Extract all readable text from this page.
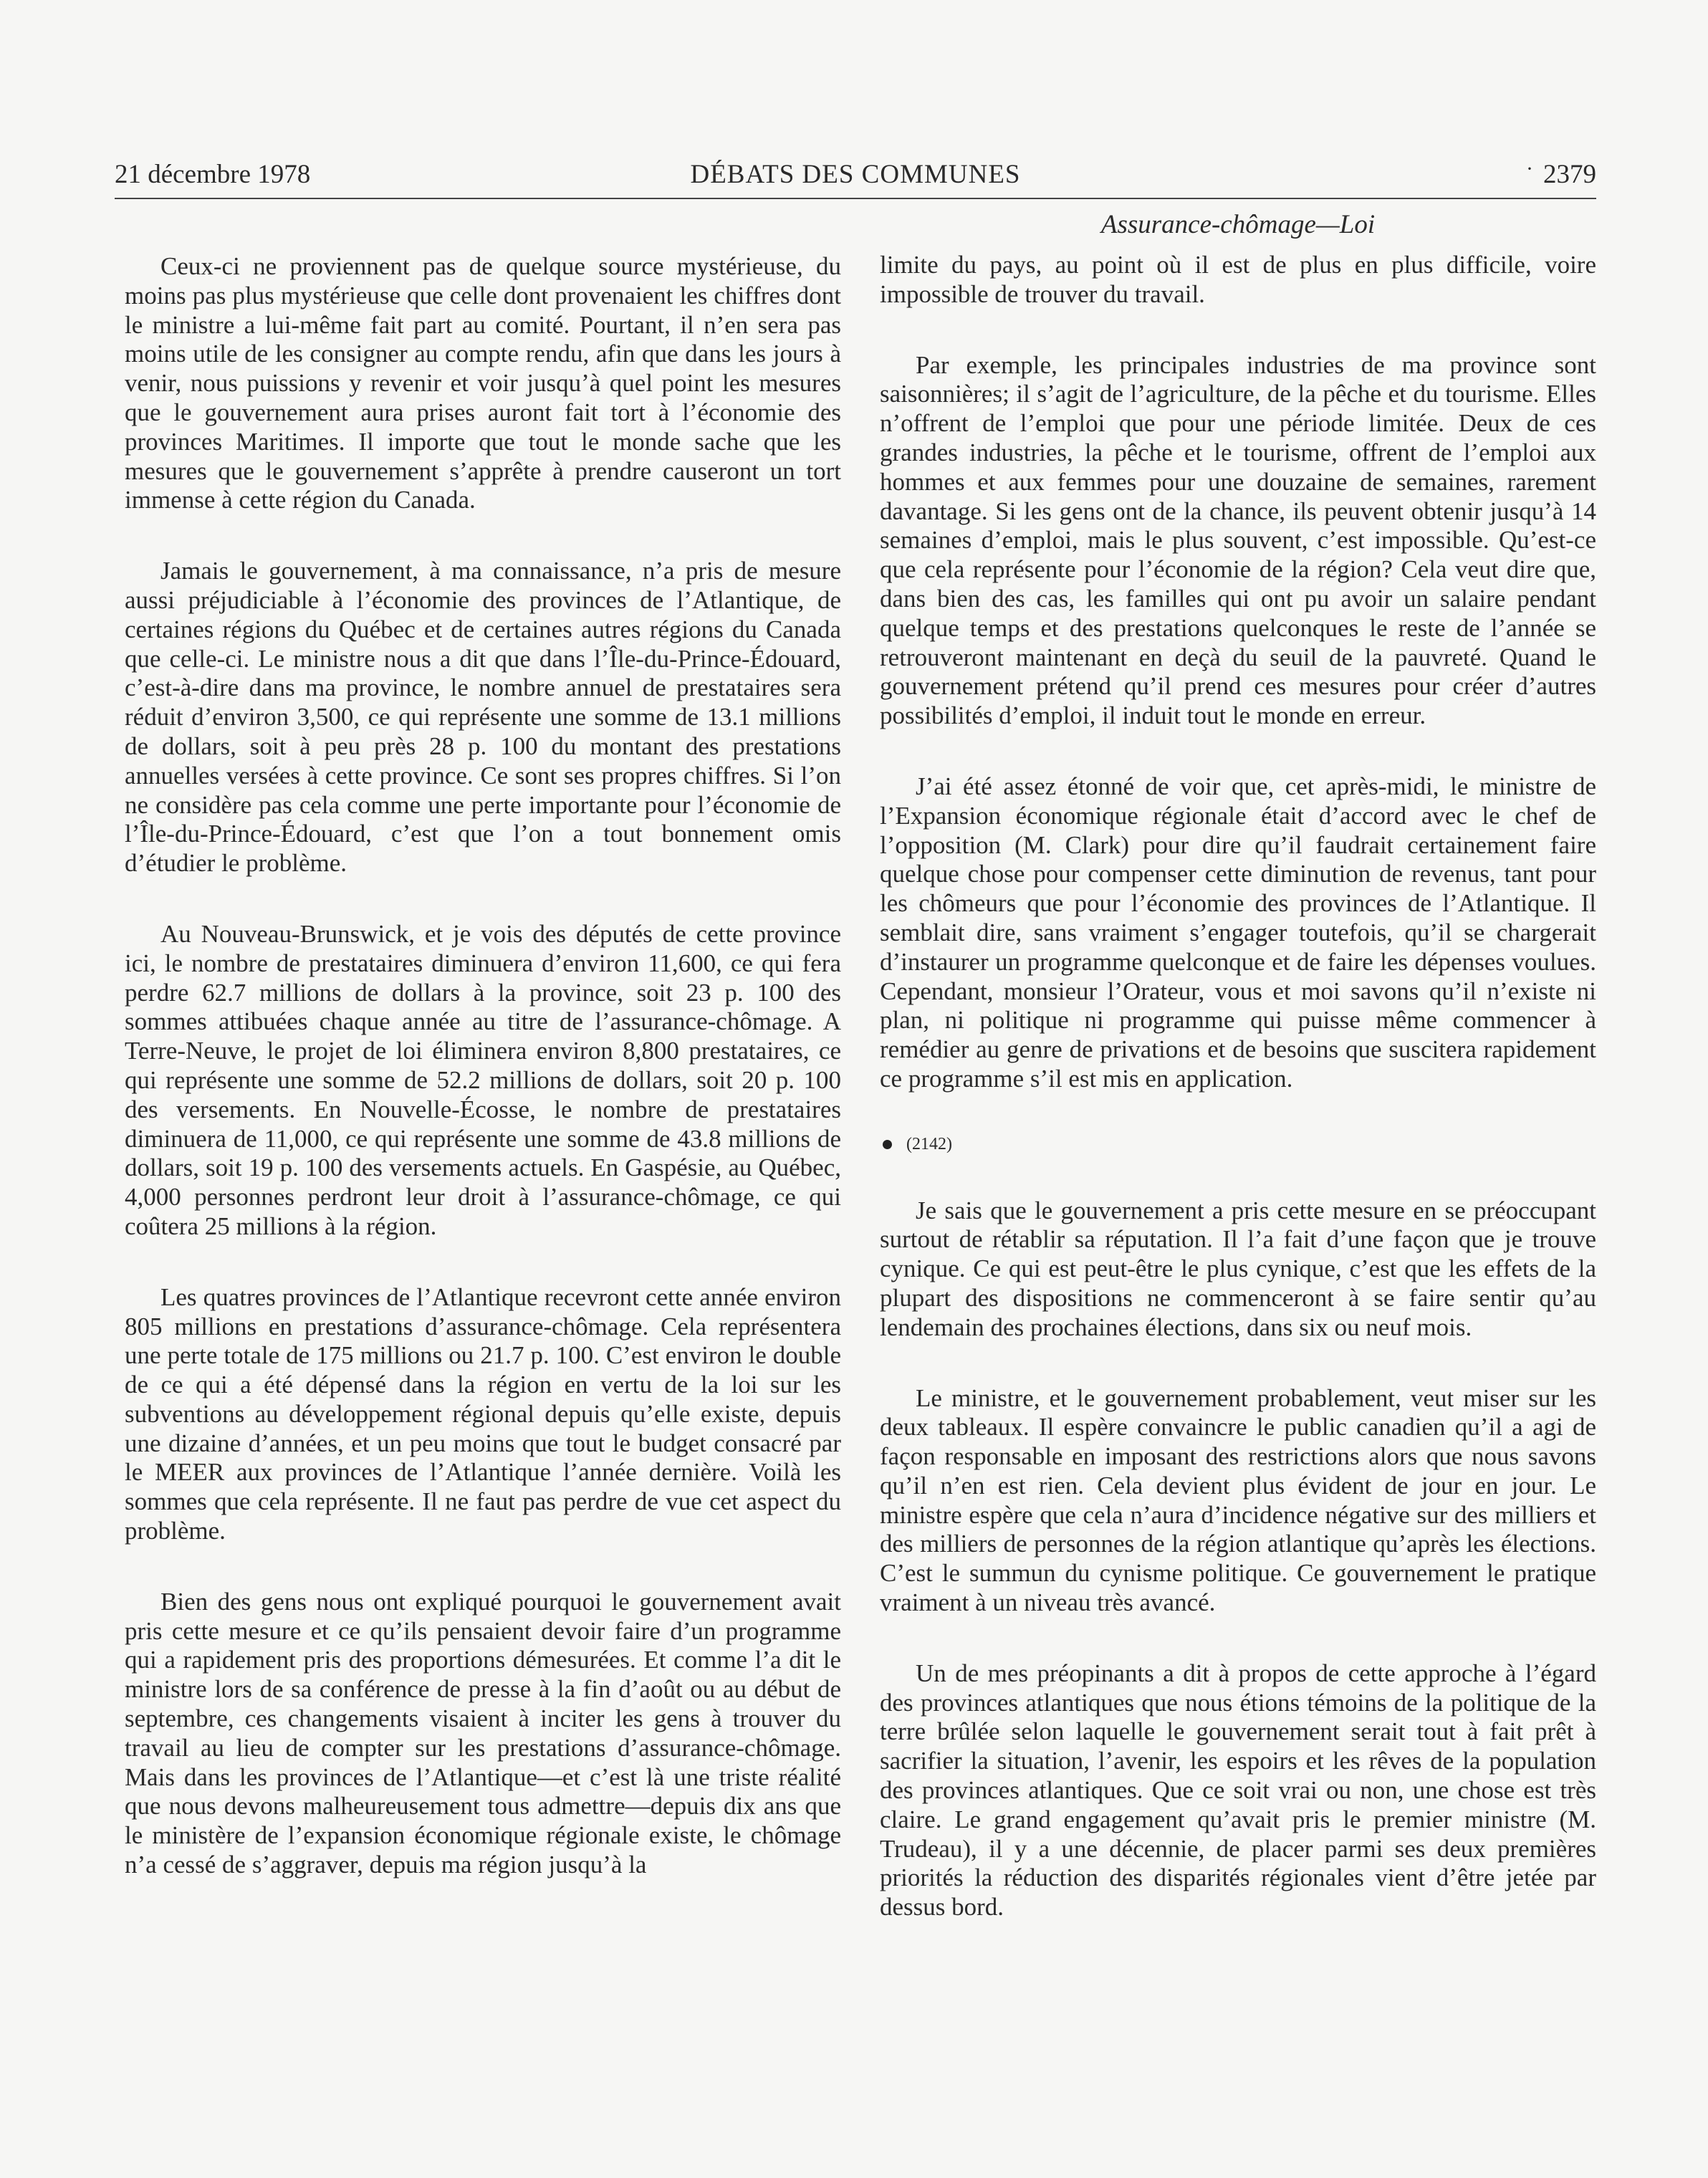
21 décembre 1978	DÉBATS DES COMMUNES	· 2379
Assurance-chômage—Loi

Ceux-ci ne proviennent pas de quelque source mystérieuse, du moins pas plus mystérieuse que celle dont provenaient les chiffres dont le ministre a lui-même fait part au comité. Pourtant, il n’en sera pas moins utile de les consigner au compte rendu, afin que dans les jours à venir, nous puissions y revenir et voir jusqu’à quel point les mesures que le gouvernement aura prises auront fait tort à l’économie des provinces Maritimes. Il importe que tout le monde sache que les mesures que le gouvernement s’apprête à prendre causeront un tort immense à cette région du Canada.

Jamais le gouvernement, à ma connaissance, n’a pris de mesure aussi préjudiciable à l’économie des provinces de l’Atlantique, de certaines régions du Québec et de certaines autres régions du Canada que celle-ci. Le ministre nous a dit que dans l’Île-du-Prince-Édouard, c’est-à-dire dans ma province, le nombre annuel de prestataires sera réduit d’environ 3,500, ce qui représente une somme de 13.1 millions de dollars, soit à peu près 28 p. 100 du montant des prestations annuelles versées à cette province. Ce sont ses propres chiffres. Si l’on ne considère pas cela comme une perte importante pour l’économie de l’Île-du-Prince-Édouard, c’est que l’on a tout bonnement omis d’étudier le problème.

Au Nouveau-Brunswick, et je vois des députés de cette province ici, le nombre de prestataires diminuera d’environ 11,600, ce qui fera perdre 62.7 millions de dollars à la province, soit 23 p. 100 des sommes attibuées chaque année au titre de l’assurance-chômage. A Terre-Neuve, le projet de loi éliminera environ 8,800 prestataires, ce qui représente une somme de 52.2 millions de dollars, soit 20 p. 100 des versements. En Nouvelle-Écosse, le nombre de prestataires diminuera de 11,000, ce qui représente une somme de 43.8 millions de dollars, soit 19 p. 100 des versements actuels. En Gaspésie, au Québec, 4,000 personnes perdront leur droit à l’assurance-chômage, ce qui coûtera 25 millions à la région.

Les quatres provinces de l’Atlantique recevront cette année environ 805 millions en prestations d’assurance-chômage. Cela représentera une perte totale de 175 millions ou 21.7 p. 100. C’est environ le double de ce qui a été dépensé dans la région en vertu de la loi sur les subventions au développement régional depuis qu’elle existe, depuis une dizaine d’années, et un peu moins que tout le budget consacré par le MEER aux provinces de l’Atlantique l’année dernière. Voilà les sommes que cela représente. Il ne faut pas perdre de vue cet aspect du problème.

Bien des gens nous ont expliqué pourquoi le gouvernement avait pris cette mesure et ce qu’ils pensaient devoir faire d’un programme qui a rapidement pris des proportions démesurées. Et comme l’a dit le ministre lors de sa conférence de presse à la fin d’août ou au début de septembre, ces changements visaient à inciter les gens à trouver du travail au lieu de compter sur les prestations d’assurance-chômage. Mais dans les provinces de l’Atlantique—et c’est là une triste réalité que nous devons malheureusement tous admettre—depuis dix ans que le ministère de l’expansion économique régionale existe, le chômage n’a cessé de s’aggraver, depuis ma région jusqu’à la

limite du pays, au point où il est de plus en plus difficile, voire impossible de trouver du travail.

Par exemple, les principales industries de ma province sont saisonnières; il s’agit de l’agriculture, de la pêche et du tourisme. Elles n’offrent de l’emploi que pour une période limitée. Deux de ces grandes industries, la pêche et le tourisme, offrent de l’emploi aux hommes et aux femmes pour une douzaine de semaines, rarement davantage. Si les gens ont de la chance, ils peuvent obtenir jusqu’à 14 semaines d’emploi, mais le plus souvent, c’est impossible. Qu’est-ce que cela représente pour l’économie de la région? Cela veut dire que, dans bien des cas, les familles qui ont pu avoir un salaire pendant quelque temps et des prestations quelconques le reste de l’année se retrouveront maintenant en deçà du seuil de la pauvreté. Quand le gouvernement prétend qu’il prend ces mesures pour créer d’autres possibilités d’emploi, il induit tout le monde en erreur.

J’ai été assez étonné de voir que, cet après-midi, le ministre de l’Expansion économique régionale était d’accord avec le chef de l’opposition (M. Clark) pour dire qu’il faudrait certainement faire quelque chose pour compenser cette diminution de revenus, tant pour les chômeurs que pour l’économie des provinces de l’Atlantique. Il semblait dire, sans vraiment s’engager toutefois, qu’il se chargerait d’instaurer un programme quelconque et de faire les dépenses voulues. Cependant, monsieur l’Orateur, vous et moi savons qu’il n’existe ni plan, ni politique ni programme qui puisse même commencer à remédier au genre de privations et de besoins que suscitera rapidement ce programme s’il est mis en application.

(2142)

Je sais que le gouvernement a pris cette mesure en se préoccupant surtout de rétablir sa réputation. Il l’a fait d’une façon que je trouve cynique. Ce qui est peut-être le plus cynique, c’est que les effets de la plupart des dispositions ne commenceront à se faire sentir qu’au lendemain des prochaines élections, dans six ou neuf mois.

Le ministre, et le gouvernement probablement, veut miser sur les deux tableaux. Il espère convaincre le public canadien qu’il a agi de façon responsable en imposant des restrictions alors que nous savons qu’il n’en est rien. Cela devient plus évident de jour en jour. Le ministre espère que cela n’aura d’incidence négative sur des milliers et des milliers de personnes de la région atlantique qu’après les élections. C’est le summun du cynisme politique. Ce gouvernement le pratique vraiment à un niveau très avancé.

Un de mes préopinants a dit à propos de cette approche à l’égard des provinces atlantiques que nous étions témoins de la politique de la terre brûlée selon laquelle le gouvernement serait tout à fait prêt à sacrifier la situation, l’avenir, les espoirs et les rêves de la population des provinces atlantiques. Que ce soit vrai ou non, une chose est très claire. Le grand engagement qu’avait pris le premier ministre (M. Trudeau), il y a une décennie, de placer parmi ses deux premières priorités la réduction des disparités régionales vient d’être jetée par dessus bord.
